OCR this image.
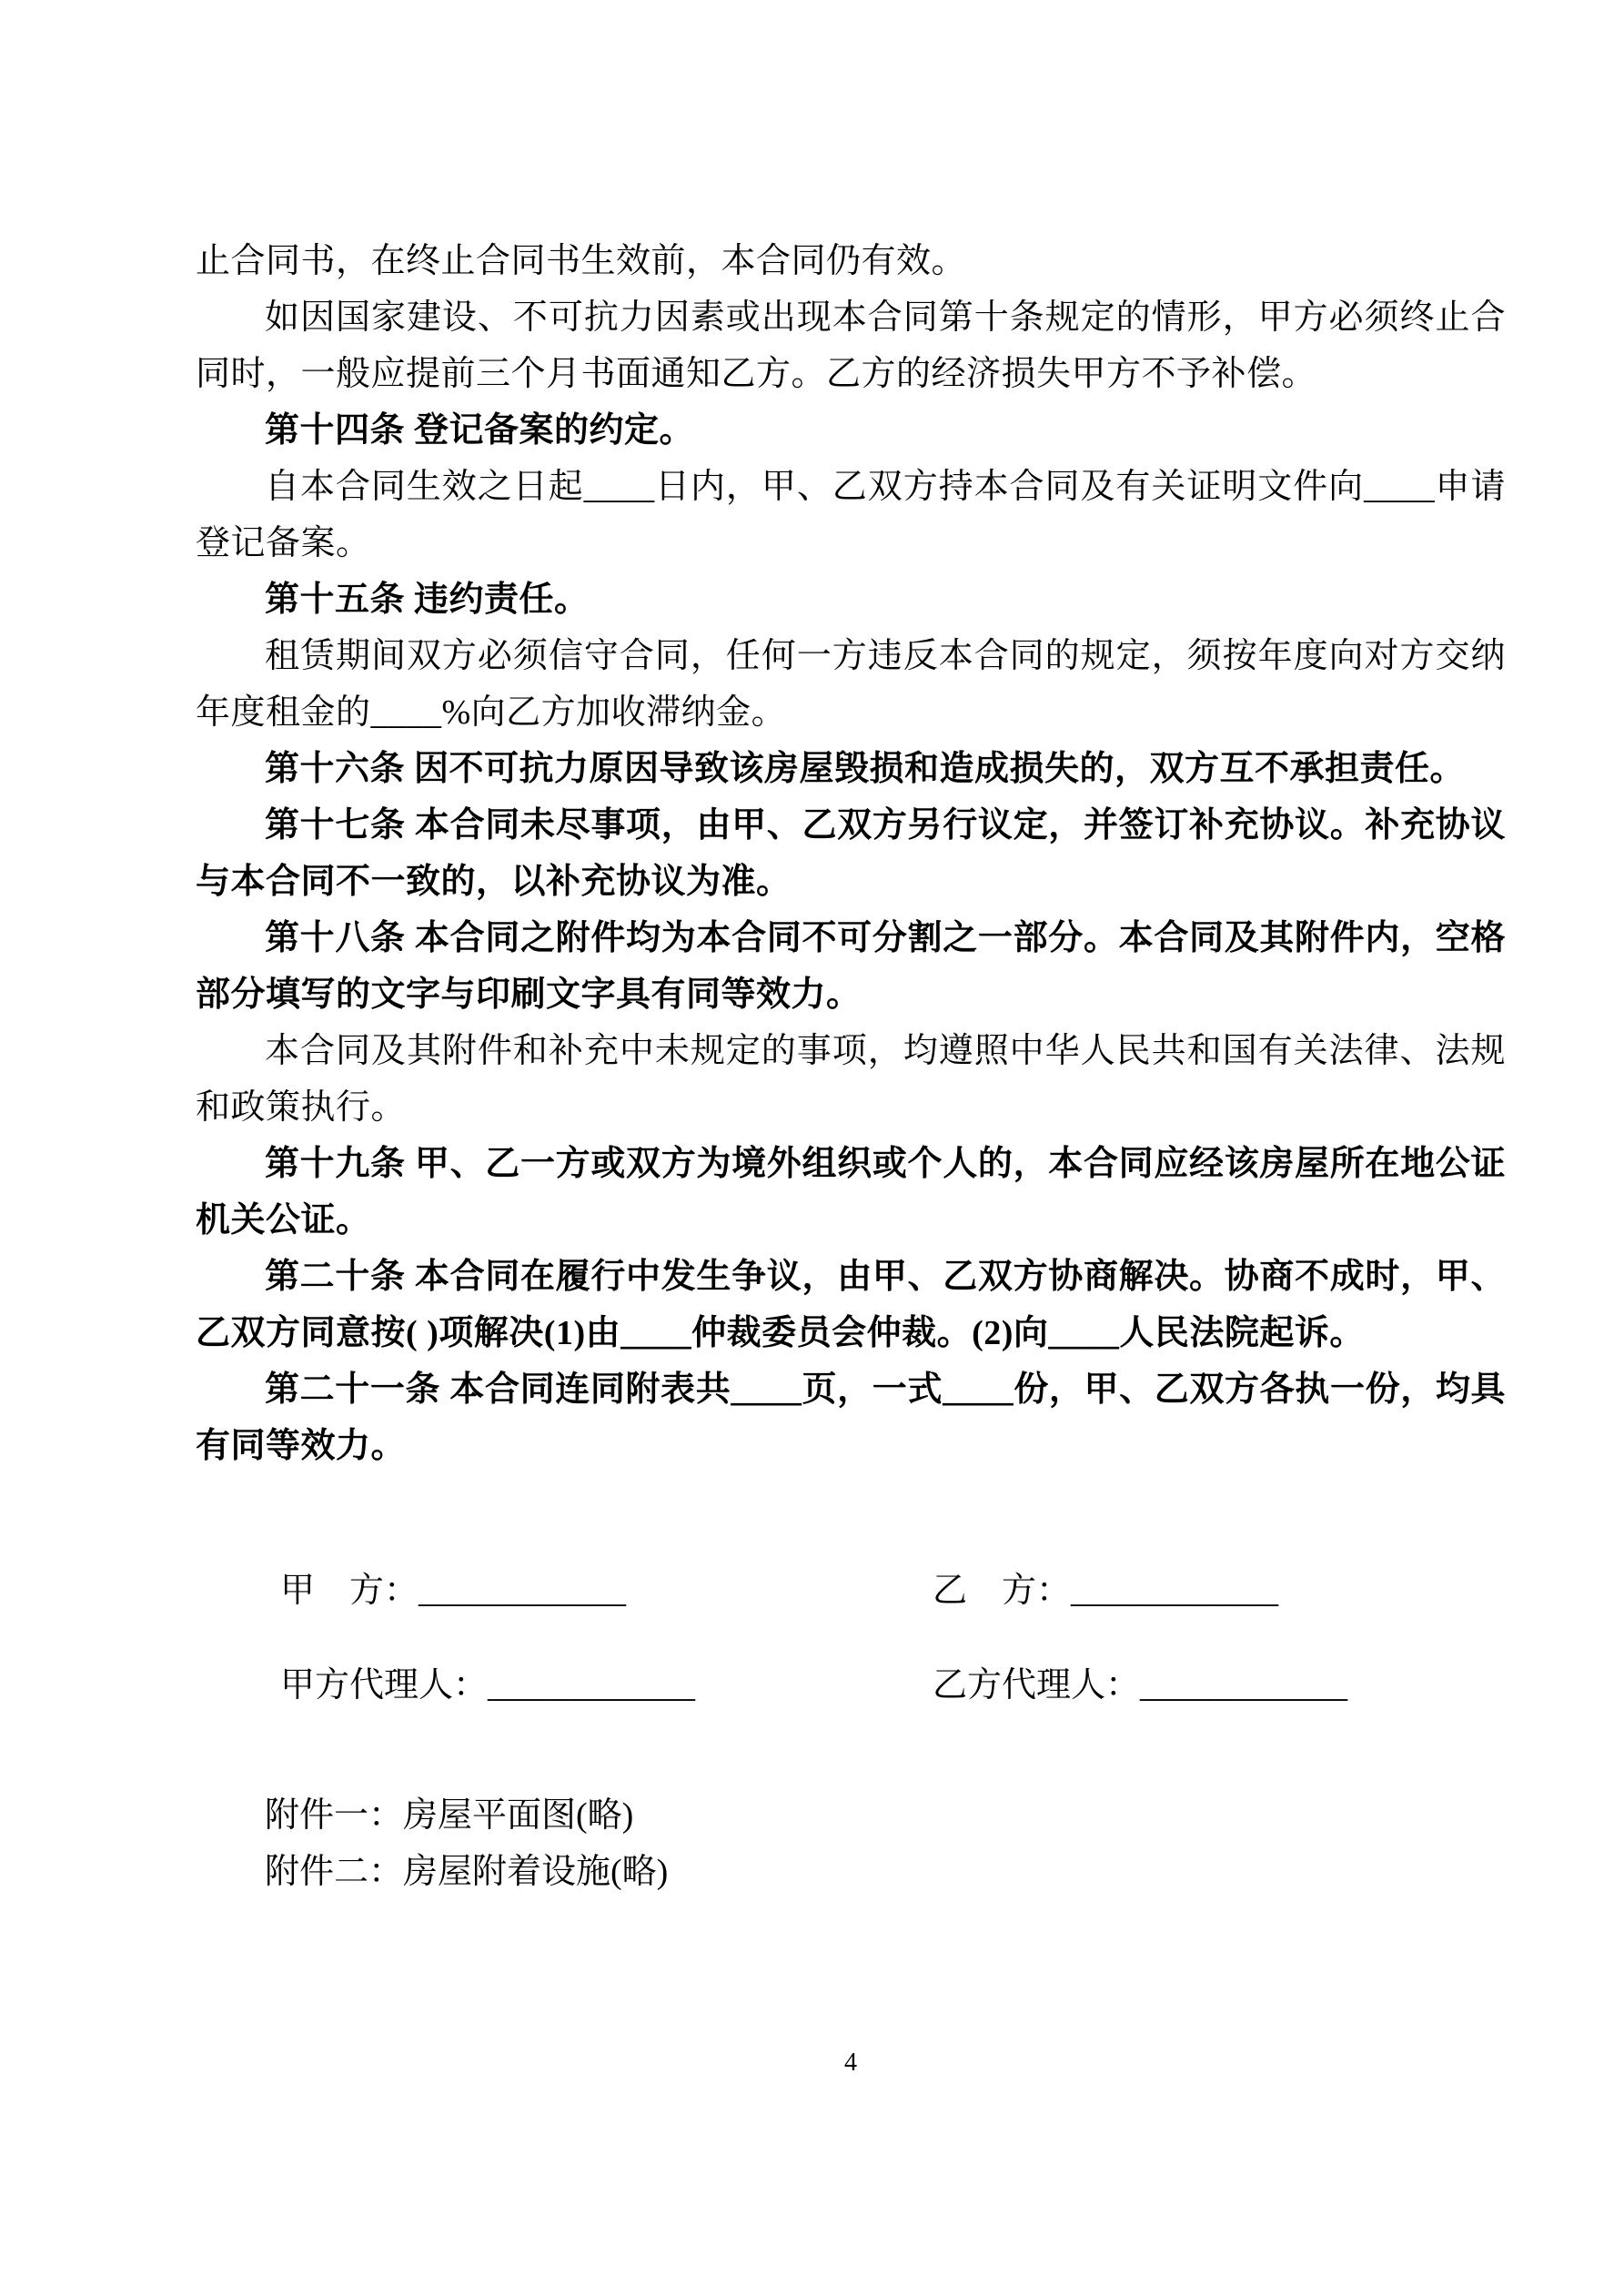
止合同书，在终止合同书生效前，本合同仍有效。

如因国家建设、不可抗力因素或出现本合同第十条规定的情形，甲方必须终止合同时，一般应提前三个月书面通知乙方。乙方的经济损失甲方不予补偿。

第十四条 登记备案的约定。

自本合同生效之日起____日内，甲、乙双方持本合同及有关证明文件向____申请登记备案。

第十五条 违约责任。

租赁期间双方必须信守合同，任何一方违反本合同的规定，须按年度向对方交纳年度租金的____%向乙方加收滞纳金。

第十六条 因不可抗力原因导致该房屋毁损和造成损失的，双方互不承担责任。

第十七条 本合同未尽事项，由甲、乙双方另行议定，并签订补充协议。补充协议与本合同不一致的，以补充协议为准。

第十八条 本合同之附件均为本合同不可分割之一部分。本合同及其附件内，空格部分填写的文字与印刷文字具有同等效力。

本合同及其附件和补充中未规定的事项，均遵照中华人民共和国有关法律、法规和政策执行。

第十九条 甲、乙一方或双方为境外组织或个人的，本合同应经该房屋所在地公证机关公证。

第二十条 本合同在履行中发生争议，由甲、乙双方协商解决。协商不成时，甲、乙双方同意按( )项解决(1)由____仲裁委员会仲裁。(2)向____人民法院起诉。

第二十一条 本合同连同附表共____页，一式____份，甲、乙双方各执一份，均具有同等效力。

甲　方：____________	乙　方：____________
甲方代理人：____________	乙方代理人：____________

附件一：房屋平面图(略)

附件二：房屋附着设施(略)

4
